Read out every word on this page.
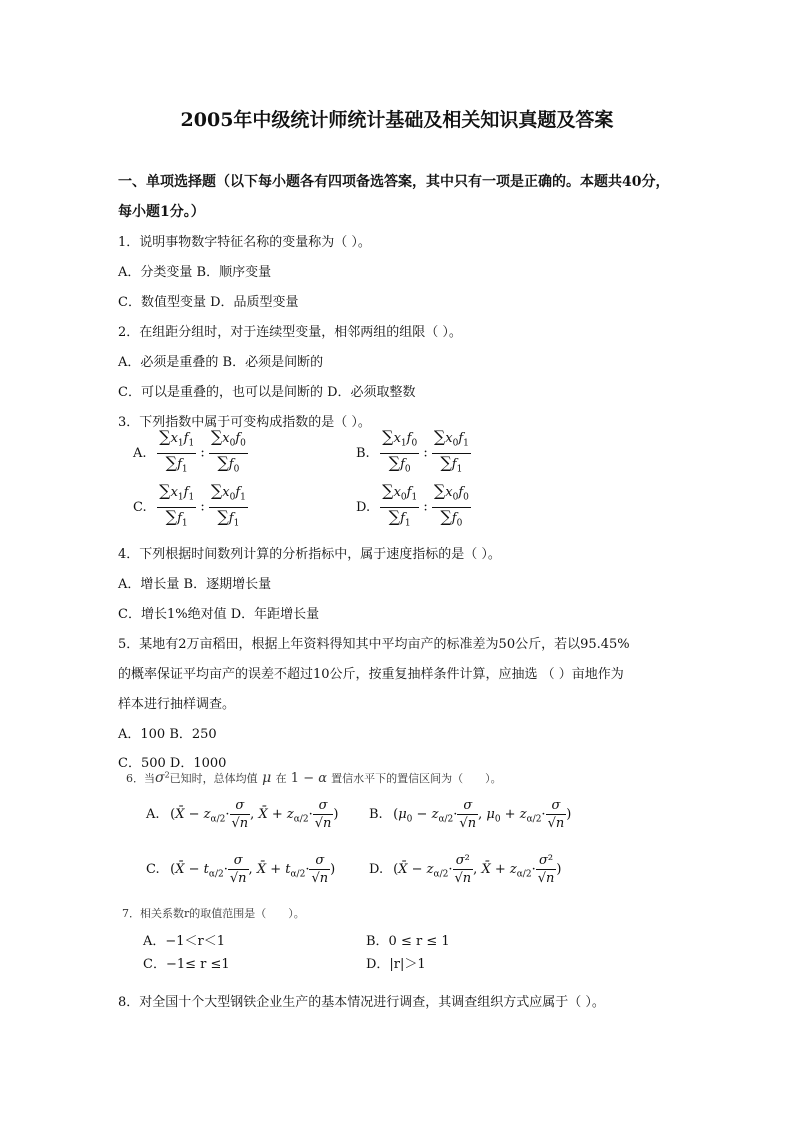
2005年中级统计师统计基础及相关知识真题及答案
一、单项选择题（以下每小题各有四项备选答案，其中只有一项是正确的。本题共40分，
每小题1分。）
1．说明事物数字特征名称的变量称为（ ）。
A．分类变量 B．顺序变量
C．数值型变量 D．品质型变量
2．在组距分组时，对于连续型变量，相邻两组的组限（ ）。
A．必须是重叠的 B．必须是间断的
C．可以是重叠的，也可以是间断的 D．必须取整数
3．下列指数中属于可变构成指数的是（ ）。
A. $\frac{\sum x_1f_1}{\sum f_1}$ : $\frac{\sum x_0f_0}{\sum f_0}$	B. $\frac{\sum x_1f_0}{\sum f_0}$ : $\frac{\sum x_0f_1}{\sum f_1}$
C. $\frac{\sum x_1f_1}{\sum f_1}$ : $\frac{\sum x_0f_1}{\sum f_1}$	D. $\frac{\sum x_0f_1}{\sum f_1}$ : $\frac{\sum x_0f_0}{\sum f_0}$
4．下列根据时间数列计算的分析指标中，属于速度指标的是（ ）。
A．增长量 B．逐期增长量
C．增长1%绝对值 D．年距增长量
5．某地有2万亩稻田，根据上年资料得知其中平均亩产的标准差为50公斤，若以95.45%
的概率保证平均亩产的误差不超过10公斤，按重复抽样条件计算，应抽选 （ ）亩地作为
样本进行抽样调查。
A．100 B．250
C．500 D．1000
6．当$\sigma^2$已知时，总体均值 μ 在 1 − α 置信水平下的置信区间为（　　）。
A. (X̄ − $z_{\alpha/2}\cdot \frac{\sigma}{√n}$ , X̄ + $z_{\alpha/2}\cdot \frac{\sigma}{√n}$ ) B. ($\mu_0 - z_{\alpha/2}\cdot \frac{\sigma}{√n}$ , $\mu_0 + z_{\alpha/2}\cdot \frac{\sigma}{√n}$ )
C. (X̄ − $t_{\alpha/2}\cdot \frac{\sigma}{√n}$ , X̄ + $t_{\alpha/2}\cdot \frac{\sigma}{√n}$ )	D. (X̄ − $z_{\alpha/2}\cdot \frac{\text{σ²}}{√n}$ , X̄ + $z_{\alpha/2}\cdot \frac{\text{σ²}}{√n}$ )
7．相关系数r的取值范围是（　　）。
A．−1＜r＜1	B．0 ≤ r ≤ 1
C．−1≤ r ≤1	D．|r|＞1
8．对全国十个大型钢铁企业生产的基本情况进行调查，其调查组织方式应属于（ ）。
